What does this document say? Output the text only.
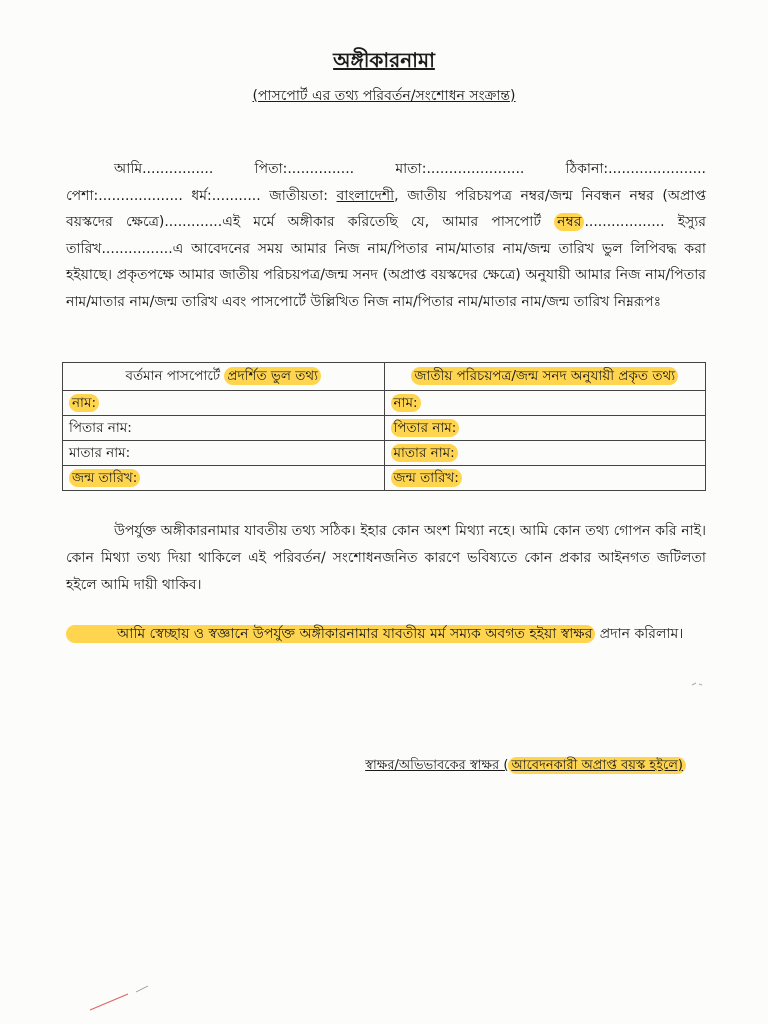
অঙ্গীকারনামা
(পাসপোর্ট এর তথ্য পরিবর্তন/সংশোধন সংক্রান্ত)

আমি................ পিতা:............... মাতা:...................... ঠিকানা:...................... পেশা:................... ধর্ম:........... জাতীয়তা: বাংলাদেশী, জাতীয় পরিচয়পত্র নম্বর/জন্ম নিবন্ধন নম্বর (অপ্রাপ্ত বয়স্কদের ক্ষেত্রে).............এই মর্মে অঙ্গীকার করিতেছি যে, আমার পাসপোর্ট নম্বর .................. ইস্যুর তারিখ................এ আবেদনের সময় আমার নিজ নাম/পিতার নাম/মাতার নাম/জন্ম তারিখ ভুল লিপিবদ্ধ করা হইয়াছে। প্রকৃতপক্ষে আমার জাতীয় পরিচয়পত্র/জন্ম সনদ (অপ্রাপ্ত বয়স্কদের ক্ষেত্রে) অনুযায়ী আমার নিজ নাম/পিতার নাম/মাতার নাম/জন্ম তারিখ এবং পাসপোর্টে উল্লিখিত নিজ নাম/পিতার নাম/মাতার নাম/জন্ম তারিখ নিম্নরূপঃ

বর্তমান পাসপোর্টে প্রদর্শিত ভুল তথ্য	জাতীয় পরিচয়পত্র/জন্ম সনদ অনুযায়ী প্রকৃত তথ্য
নাম:	নাম:
পিতার নাম:	পিতার নাম:
মাতার নাম:	মাতার নাম:
জন্ম তারিখ:	জন্ম তারিখ:

উপর্যুক্ত অঙ্গীকারনামার যাবতীয় তথ্য সঠিক। ইহার কোন অংশ মিথ্যা নহে। আমি কোন তথ্য গোপন করি নাই। কোন মিথ্যা তথ্য দিয়া থাকিলে এই পরিবর্তন/ সংশোধনজনিত কারণে ভবিষ্যতে কোন প্রকার আইনগত জটিলতা হইলে আমি দায়ী থাকিব।

আমি স্বেচ্ছায় ও স্বজ্ঞানে উপর্যুক্ত অঙ্গীকারনামার যাবতীয় মর্ম সম্যক অবগত হইয়া স্বাক্ষর প্রদান করিলাম।

স্বাক্ষর/অভিভাবকের স্বাক্ষর ( আবেদনকারী অপ্রাপ্ত বয়স্ক হইলে)
